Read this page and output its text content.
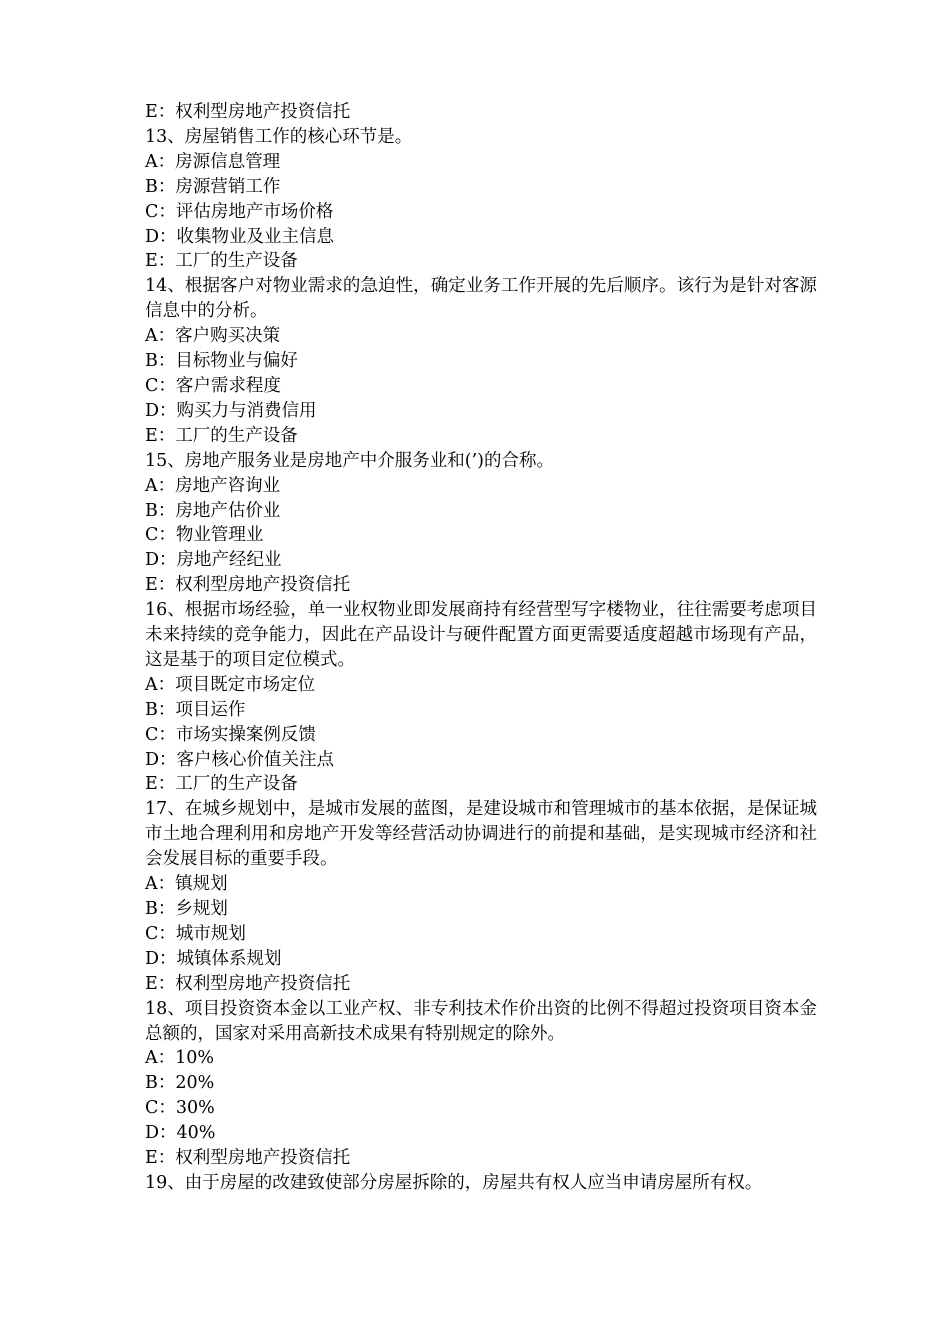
E：权利型房地产投资信托

13、房屋销售工作的核心环节是。

A：房源信息管理

B：房源营销工作

C：评估房地产市场价格

D：收集物业及业主信息

E：工厂的生产设备

14、根据客户对物业需求的急迫性，确定业务工作开展的先后顺序。该行为是针对客源信息中的分析。

A：客户购买决策

B：目标物业与偏好

C：客户需求程度

D：购买力与消费信用

E：工厂的生产设备

15、房地产服务业是房地产中介服务业和(’)的合称。

A：房地产咨询业

B：房地产估价业

C：物业管理业

D：房地产经纪业

E：权利型房地产投资信托

16、根据市场经验，单一业权物业即发展商持有经营型写字楼物业，往往需要考虑项目未来持续的竞争能力，因此在产品设计与硬件配置方面更需要适度超越市场现有产品，这是基于的项目定位模式。

A：项目既定市场定位

B：项目运作

C：市场实操案例反馈

D：客户核心价值关注点

E：工厂的生产设备

17、在城乡规划中，是城市发展的蓝图，是建设城市和管理城市的基本依据，是保证城市土地合理利用和房地产开发等经营活动协调进行的前提和基础，是实现城市经济和社会发展目标的重要手段。

A：镇规划

B：乡规划

C：城市规划

D：城镇体系规划

E：权利型房地产投资信托

18、项目投资资本金以工业产权、非专利技术作价出资的比例不得超过投资项目资本金总额的，国家对采用高新技术成果有特别规定的除外。

A：10%

B：20%

C：30%

D：40%

E：权利型房地产投资信托

19、由于房屋的改建致使部分房屋拆除的，房屋共有权人应当申请房屋所有权。
